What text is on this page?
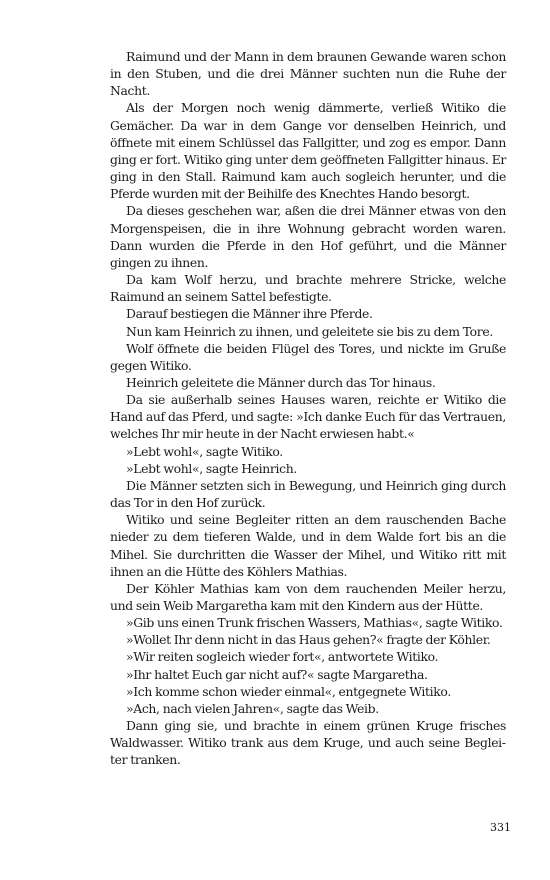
Raimund und der Mann in dem braunen Gewande waren schon in den Stuben, und die drei Männer suchten nun die Ruhe der Nacht.

Als der Morgen noch wenig dämmerte, verließ Witiko die Gemächer. Da war in dem Gange vor denselben Heinrich, und öffnete mit einem Schlüssel das Fallgitter, und zog es empor. Dann ging er fort. Witiko ging unter dem geöffneten Fallgitter hinaus. Er ging in den Stall. Raimund kam auch sogleich herunter, und die Pferde wurden mit der Beihilfe des Knechtes Hando besorgt.

Da dieses geschehen war, aßen die drei Männer etwas von den Morgenspeisen, die in ihre Wohnung gebracht worden waren. Dann wurden die Pferde in den Hof geführt, und die Männer gingen zu ihnen.

Da kam Wolf herzu, und brachte mehrere Stricke, welche Raimund an seinem Sattel befestigte.

Darauf bestiegen die Männer ihre Pferde.

Nun kam Heinrich zu ihnen, und geleitete sie bis zu dem Tore.

Wolf öffnete die beiden Flügel des Tores, und nickte im Gruße gegen Witiko.

Heinrich geleitete die Männer durch das Tor hinaus.

Da sie außerhalb seines Hauses waren, reichte er Witiko die Hand auf das Pferd, und sagte: »Ich danke Euch für das Vertrauen, welches Ihr mir heute in der Nacht erwiesen habt.«

»Lebt wohl«, sagte Witiko.

»Lebt wohl«, sagte Heinrich.

Die Männer setzten sich in Bewegung, und Heinrich ging durch das Tor in den Hof zurück.

Witiko und seine Begleiter ritten an dem rauschenden Bache nieder zu dem tieferen Walde, und in dem Walde fort bis an die Mihel. Sie durchritten die Wasser der Mihel, und Witiko ritt mit ihnen an die Hütte des Köhlers Mathias.

Der Köhler Mathias kam von dem rauchenden Meiler herzu, und sein Weib Margaretha kam mit den Kindern aus der Hütte.

»Gib uns einen Trunk frischen Wassers, Mathias«, sagte Witiko.

»Wollet Ihr denn nicht in das Haus gehen?« fragte der Köhler.

»Wir reiten sogleich wieder fort«, antwortete Witiko.

»Ihr haltet Euch gar nicht auf?« sagte Margaretha.

»Ich komme schon wieder einmal«, entgegnete Witiko.

»Ach, nach vielen Jahren«, sagte das Weib.

Dann ging sie, und brachte in einem grünen Kruge frisches Waldwasser. Witiko trank aus dem Kruge, und auch seine Begleiter tranken.

331
